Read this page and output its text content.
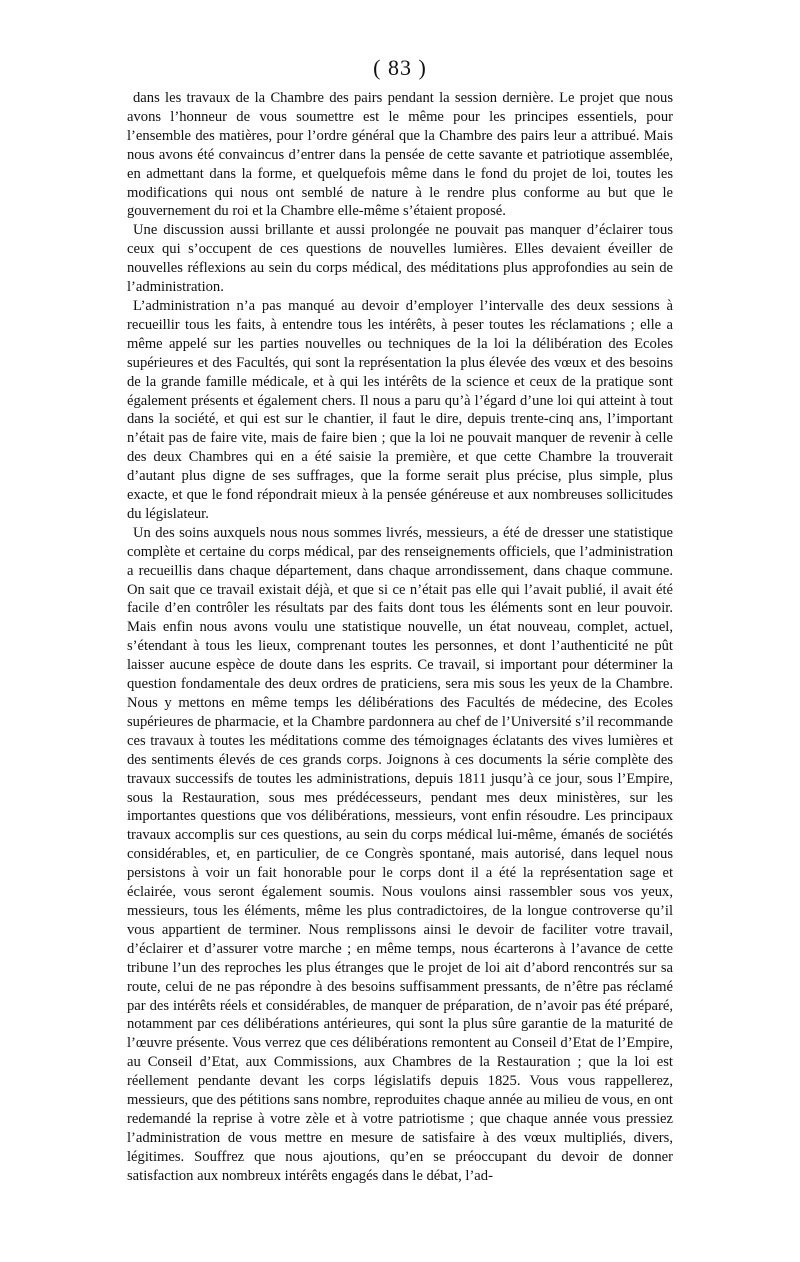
( 83 )

dans les travaux de la Chambre des pairs pendant la session dernière. Le projet que nous avons l’honneur de vous soumettre est le même pour les principes essentiels, pour l’ensemble des matières, pour l’ordre général que la Chambre des pairs leur a attribué. Mais nous avons été convaincus d’entrer dans la pensée de cette savante et patriotique assemblée, en admettant dans la forme, et quelquefois même dans le fond du projet de loi, toutes les modifications qui nous ont semblé de nature à le rendre plus conforme au but que le gouvernement du roi et la Chambre elle-même s’étaient proposé.

Une discussion aussi brillante et aussi prolongée ne pouvait pas manquer d’éclairer tous ceux qui s’occupent de ces questions de nouvelles lumières. Elles devaient éveiller de nouvelles réflexions au sein du corps médical, des méditations plus approfondies au sein de l’administration.

L’administration n’a pas manqué au devoir d’employer l’intervalle des deux sessions à recueillir tous les faits, à entendre tous les intérêts, à peser toutes les réclamations ; elle a même appelé sur les parties nouvelles ou techniques de la loi la délibération des Ecoles supérieures et des Facultés, qui sont la représentation la plus élevée des vœux et des besoins de la grande famille médicale, et à qui les intérêts de la science et ceux de la pratique sont également présents et également chers. Il nous a paru qu’à l’égard d’une loi qui atteint à tout dans la société, et qui est sur le chantier, il faut le dire, depuis trente-cinq ans, l’important n’était pas de faire vite, mais de faire bien ; que la loi ne pouvait manquer de revenir à celle des deux Chambres qui en a été saisie la première, et que cette Chambre la trouverait d’autant plus digne de ses suffrages, que la forme serait plus précise, plus simple, plus exacte, et que le fond répondrait mieux à la pensée généreuse et aux nombreuses sollicitudes du législateur.

Un des soins auxquels nous nous sommes livrés, messieurs, a été de dresser une statistique complète et certaine du corps médical, par des renseignements officiels, que l’administration a recueillis dans chaque département, dans chaque arrondissement, dans chaque commune. On sait que ce travail existait déjà, et que si ce n’était pas elle qui l’avait publié, il avait été facile d’en contrôler les résultats par des faits dont tous les éléments sont en leur pouvoir. Mais enfin nous avons voulu une statistique nouvelle, un état nouveau, complet, actuel, s’étendant à tous les lieux, comprenant toutes les personnes, et dont l’authenticité ne pût laisser aucune espèce de doute dans les esprits. Ce travail, si important pour déterminer la question fondamentale des deux ordres de praticiens, sera mis sous les yeux de la Chambre. Nous y mettons en même temps les délibérations des Facultés de médecine, des Ecoles supérieures de pharmacie, et la Chambre pardonnera au chef de l’Université s’il recommande ces travaux à toutes les méditations comme des témoignages éclatants des vives lumières et des sentiments élevés de ces grands corps. Joignons à ces documents la série complète des travaux successifs de toutes les administrations, depuis 1811 jusqu’à ce jour, sous l’Empire, sous la Restauration, sous mes prédécesseurs, pendant mes deux ministères, sur les importantes questions que vos délibérations, messieurs, vont enfin résoudre. Les principaux travaux accomplis sur ces questions, au sein du corps médical lui-même, émanés de sociétés considérables, et, en particulier, de ce Congrès spontané, mais autorisé, dans lequel nous persistons à voir un fait honorable pour le corps dont il a été la représentation sage et éclairée, vous seront également soumis. Nous voulons ainsi rassembler sous vos yeux, messieurs, tous les éléments, même les plus contradictoires, de la longue controverse qu’il vous appartient de terminer. Nous remplissons ainsi le devoir de faciliter votre travail, d’éclairer et d’assurer votre marche ; en même temps, nous écarterons à l’avance de cette tribune l’un des reproches les plus étranges que le projet de loi ait d’abord rencontrés sur sa route, celui de ne pas répondre à des besoins suffisamment pressants, de n’être pas réclamé par des intérêts réels et considérables, de manquer de préparation, de n’avoir pas été préparé, notamment par ces délibérations antérieures, qui sont la plus sûre garantie de la maturité de l’œuvre présente. Vous verrez que ces délibérations remontent au Conseil d’Etat de l’Empire, au Conseil d’Etat, aux Commissions, aux Chambres de la Restauration ; que la loi est réellement pendante devant les corps législatifs depuis 1825. Vous vous rappellerez, messieurs, que des pétitions sans nombre, reproduites chaque année au milieu de vous, en ont redemandé la reprise à votre zèle et à votre patriotisme ; que chaque année vous pressiez l’administration de vous mettre en mesure de satisfaire à des vœux multipliés, divers, légitimes. Souffrez que nous ajoutions, qu’en se préoccupant du devoir de donner satisfaction aux nombreux intérêts engagés dans le débat, l’ad-
